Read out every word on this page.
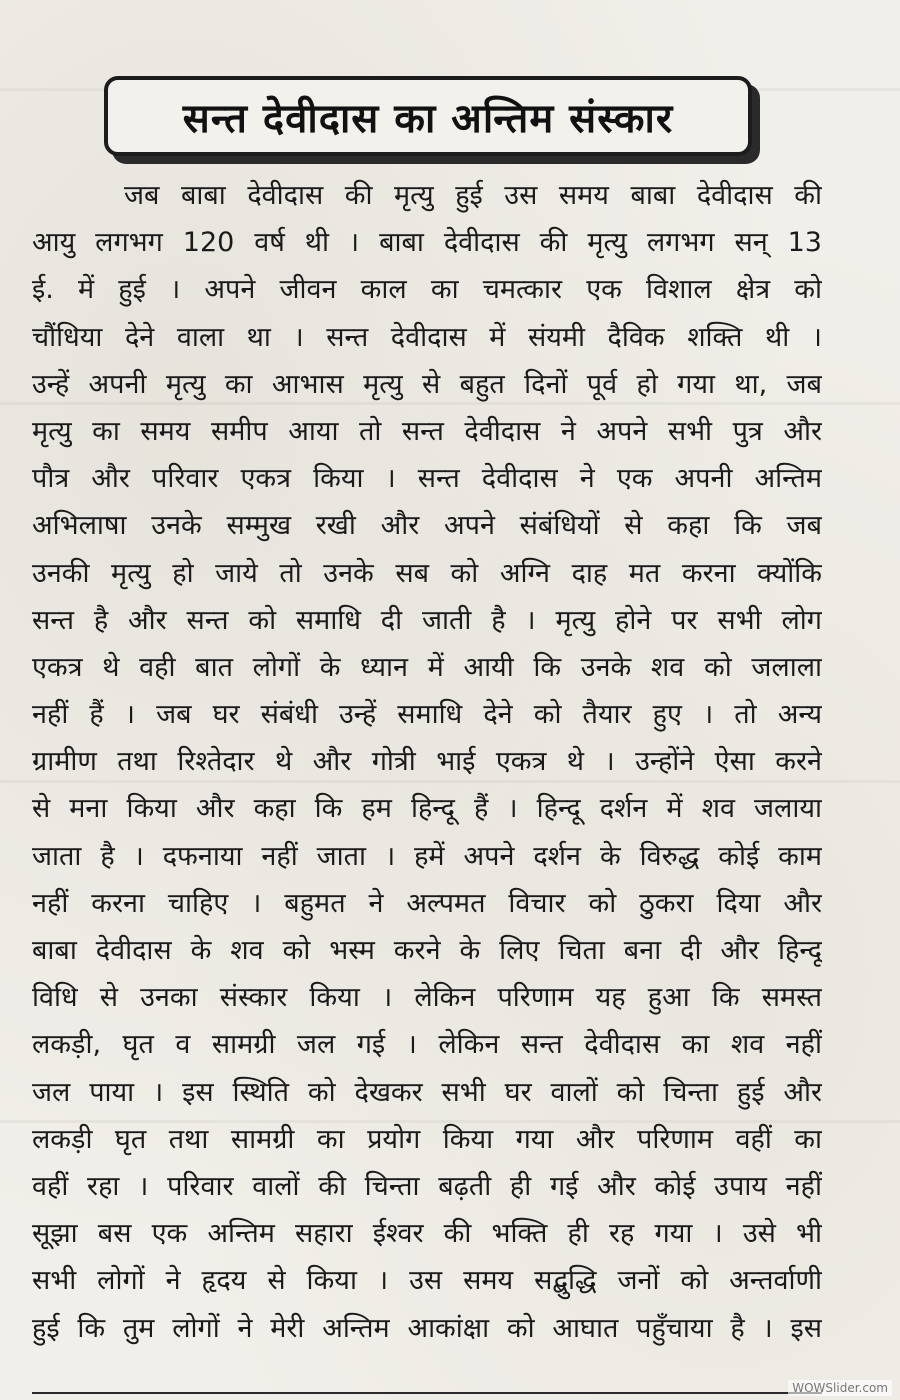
सन्त देवीदास का अन्तिम संस्कार
जब बाबा देवीदास की मृत्यु हुई उस समय बाबा देवीदास की
आयु लगभग 120 वर्ष थी । बाबा देवीदास की मृत्यु लगभग सन् 13
ई. में हुई । अपने जीवन काल का चमत्कार एक विशाल क्षेत्र को
चौंधिया देने वाला था । सन्त देवीदास में संयमी दैविक शक्ति थी ।
उन्हें अपनी मृत्यु का आभास मृत्यु से बहुत दिनों पूर्व हो गया था, जब
मृत्यु का समय समीप आया तो सन्त देवीदास ने अपने सभी पुत्र और
पौत्र और परिवार एकत्र किया । सन्त देवीदास ने एक अपनी अन्तिम
अभिलाषा उनके सम्मुख रखी और अपने संबंधियों से कहा कि जब
उनकी मृत्यु हो जाये तो उनके सब को अग्नि दाह मत करना क्योंकि
सन्त है और सन्त को समाधि दी जाती है । मृत्यु होने पर सभी लोग
एकत्र थे वही बात लोगों के ध्यान में आयी कि उनके शव को जलाला
नहीं हैं । जब घर संबंधी उन्हें समाधि देने को तैयार हुए । तो अन्य
ग्रामीण तथा रिश्तेदार थे और गोत्री भाई एकत्र थे । उन्होंने ऐसा करने
से मना किया और कहा कि हम हिन्दू हैं । हिन्दू दर्शन में शव जलाया
जाता है । दफनाया नहीं जाता । हमें अपने दर्शन के विरुद्ध कोई काम
नहीं करना चाहिए । बहुमत ने अल्पमत विचार को ठुकरा दिया और
बाबा देवीदास के शव को भस्म करने के लिए चिता बना दी और हिन्दू
विधि से उनका संस्कार किया । लेकिन परिणाम यह हुआ कि समस्त
लकड़ी, घृत व सामग्री जल गई । लेकिन सन्त देवीदास का शव नहीं
जल पाया । इस स्थिति को देखकर सभी घर वालों को चिन्ता हुई और
लकड़ी घृत तथा सामग्री का प्रयोग किया गया और परिणाम वहीं का
वहीं रहा । परिवार वालों की चिन्ता बढ़ती ही गई और कोई उपाय नहीं
सूझा बस एक अन्तिम सहारा ईश्वर की भक्ति ही रह गया । उसे भी
सभी लोगों ने हृदय से किया । उस समय सद्बुद्धि जनों को अन्तर्वाणी
हुई कि तुम लोगों ने मेरी अन्तिम आकांक्षा को आघात पहुँचाया है । इस
WOWSlider.com
